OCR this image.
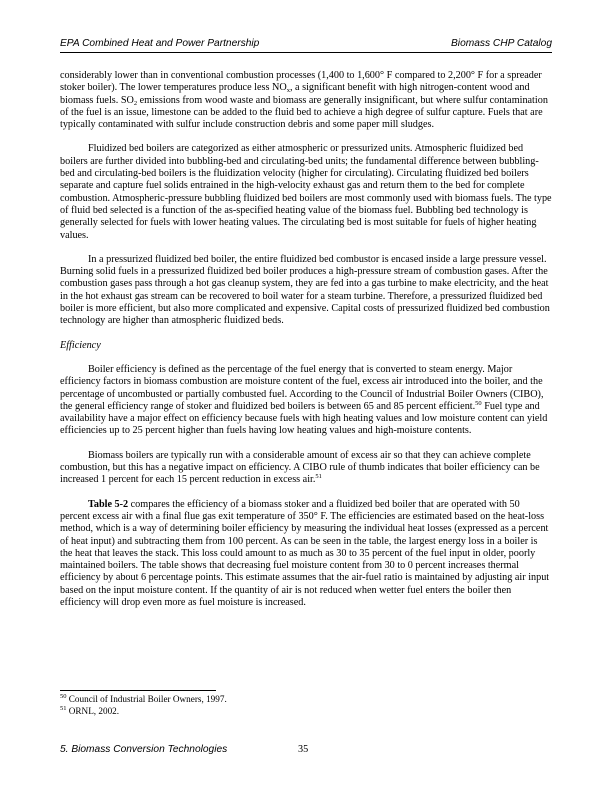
EPA Combined Heat and Power Partnership	Biomass CHP Catalog

considerably lower than in conventional combustion processes (1,400 to 1,600° F compared to 2,200° F for a spreader stoker boiler). The lower temperatures produce less $NO_x$, a significant benefit with high nitrogen-content wood and biomass fuels. $SO_2$ emissions from wood waste and biomass are generally insignificant, but where sulfur contamination of the fuel is an issue, limestone can be added to the fluid bed to achieve a high degree of sulfur capture. Fuels that are typically contaminated with sulfur include construction debris and some paper mill sludges.

Fluidized bed boilers are categorized as either atmospheric or pressurized units. Atmospheric fluidized bed boilers are further divided into bubbling-bed and circulating-bed units; the fundamental difference between bubbling-bed and circulating-bed boilers is the fluidization velocity (higher for circulating). Circulating fluidized bed boilers separate and capture fuel solids entrained in the high-velocity exhaust gas and return them to the bed for complete combustion. Atmospheric-pressure bubbling fluidized bed boilers are most commonly used with biomass fuels. The type of fluid bed selected is a function of the as-specified heating value of the biomass fuel. Bubbling bed technology is generally selected for fuels with lower heating values. The circulating bed is most suitable for fuels of higher heating values.

In a pressurized fluidized bed boiler, the entire fluidized bed combustor is encased inside a large pressure vessel. Burning solid fuels in a pressurized fluidized bed boiler produces a high-pressure stream of combustion gases. After the combustion gases pass through a hot gas cleanup system, they are fed into a gas turbine to make electricity, and the heat in the hot exhaust gas stream can be recovered to boil water for a steam turbine. Therefore, a pressurized fluidized bed boiler is more efficient, but also more complicated and expensive. Capital costs of pressurized fluidized bed combustion technology are higher than atmospheric fluidized beds.

Efficiency

Boiler efficiency is defined as the percentage of the fuel energy that is converted to steam energy. Major efficiency factors in biomass combustion are moisture content of the fuel, excess air introduced into the boiler, and the percentage of uncombusted or partially combusted fuel. According to the Council of Industrial Boiler Owners (CIBO), the general efficiency range of stoker and fluidized bed boilers is between 65 and 85 percent efficient.$^{50}$ Fuel type and availability have a major effect on efficiency because fuels with high heating values and low moisture content can yield efficiencies up to 25 percent higher than fuels having low heating values and high-moisture contents.

Biomass boilers are typically run with a considerable amount of excess air so that they can achieve complete combustion, but this has a negative impact on efficiency. A CIBO rule of thumb indicates that boiler efficiency can be increased 1 percent for each 15 percent reduction in excess air.$^{51}$

Table 5-2 compares the efficiency of a biomass stoker and a fluidized bed boiler that are operated with 50 percent excess air with a final flue gas exit temperature of 350° F. The efficiencies are estimated based on the heat-loss method, which is a way of determining boiler efficiency by measuring the individual heat losses (expressed as a percent of heat input) and subtracting them from 100 percent. As can be seen in the table, the largest energy loss in a boiler is the heat that leaves the stack. This loss could amount to as much as 30 to 35 percent of the fuel input in older, poorly maintained boilers. The table shows that decreasing fuel moisture content from 30 to 0 percent increases thermal efficiency by about 6 percentage points. This estimate assumes that the air-fuel ratio is maintained by adjusting air input based on the input moisture content. If the quantity of air is not reduced when wetter fuel enters the boiler then efficiency will drop even more as fuel moisture is increased.

$^{50}$ Council of Industrial Boiler Owners, 1997.
$^{51}$ ORNL, 2002.
5. Biomass Conversion Technologies	35
